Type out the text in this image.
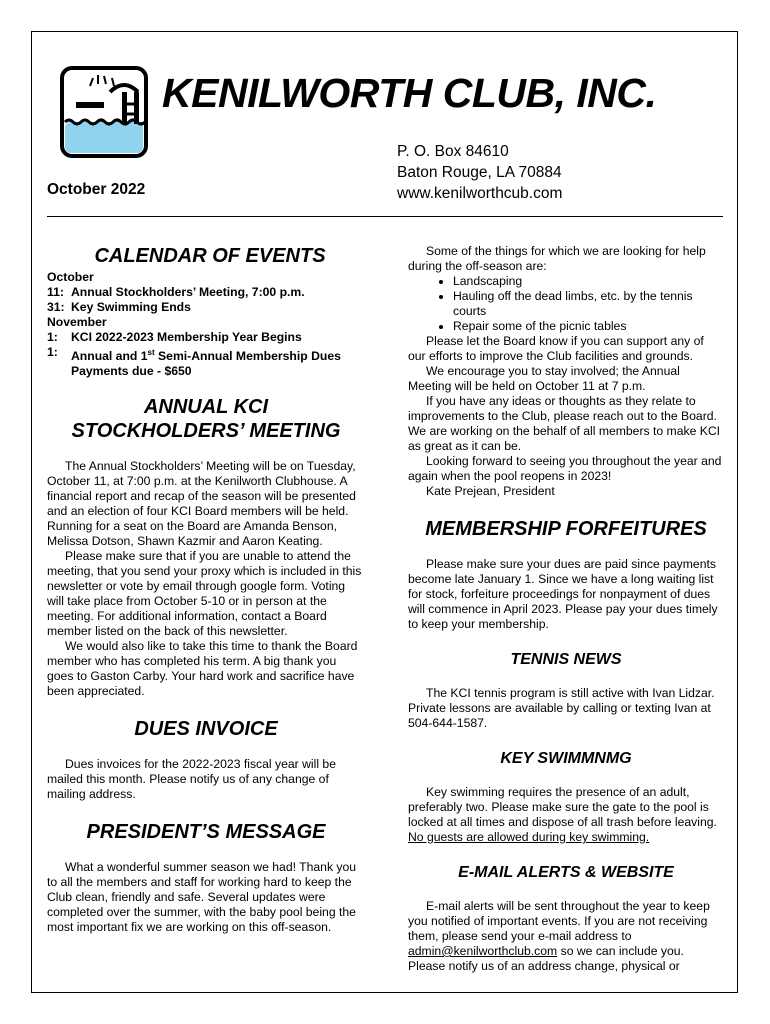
KENILWORTH CLUB, INC.
P. O. Box 84610
Baton Rouge, LA 70884
www.kenilworthcub.com
October 2022
CALENDAR OF EVENTS
October
11: Annual Stockholders’ Meeting, 7:00 p.m.
31: Key Swimming Ends
November
1:	KCI 2022-2023 Membership Year Begins
1:	Annual and 1st Semi-Annual Membership Dues Payments due - $650
ANNUAL KCI STOCKHOLDERS’ MEETING

The Annual Stockholders’ Meeting will be on Tuesday, October 11, at 7:00 p.m. at the Kenilworth Clubhouse. A financial report and recap of the season will be presented and an election of four KCI Board members will be held. Running for a seat on the Board are Amanda Benson, Melissa Dotson, Shawn Kazmir and Aaron Keating.

Please make sure that if you are unable to attend the meeting, that you send your proxy which is included in this newsletter or vote by email through google form. Voting will take place from October 5-10 or in person at the meeting. For additional information, contact a Board member listed on the back of this newsletter.

We would also like to take this time to thank the Board member who has completed his term. A big thank you goes to Gaston Carby. Your hard work and sacrifice have been appreciated.

DUES INVOICE

Dues invoices for the 2022-2023 fiscal year will be mailed this month. Please notify us of any change of mailing address.

PRESIDENT’S MESSAGE

What a wonderful summer season we had! Thank you to all the members and staff for working hard to keep the Club clean, friendly and safe. Several updates were completed over the summer, with the baby pool being the most important fix we are working on this off-season.

Some of the things for which we are looking for help during the off-season are:

• Landscaping
• Hauling off the dead limbs, etc. by the tennis courts
• Repair some of the picnic tables

Please let the Board know if you can support any of our efforts to improve the Club facilities and grounds.

We encourage you to stay involved; the Annual Meeting will be held on October 11 at 7 p.m.

If you have any ideas or thoughts as they relate to improvements to the Club, please reach out to the Board. We are working on the behalf of all members to make KCI as great as it can be.

Looking forward to seeing you throughout the year and again when the pool reopens in 2023!

Kate Prejean, President

MEMBERSHIP FORFEITURES

Please make sure your dues are paid since payments become late January 1. Since we have a long waiting list for stock, forfeiture proceedings for nonpayment of dues will commence in April 2023. Please pay your dues timely to keep your membership.

TENNIS NEWS

The KCI tennis program is still active with Ivan Lidzar. Private lessons are available by calling or texting Ivan at 504-644-1587.

KEY SWIMMNMG

Key swimming requires the presence of an adult, preferably two. Please make sure the gate to the pool is locked at all times and dispose of all trash before leaving. No guests are allowed during key swimming.

E-MAIL ALERTS & WEBSITE

E-mail alerts will be sent throughout the year to keep you notified of important events. If you are not receiving them, please send your e-mail address to admin@kenilworthclub.com so we can include you. Please notify us of an address change, physical or
